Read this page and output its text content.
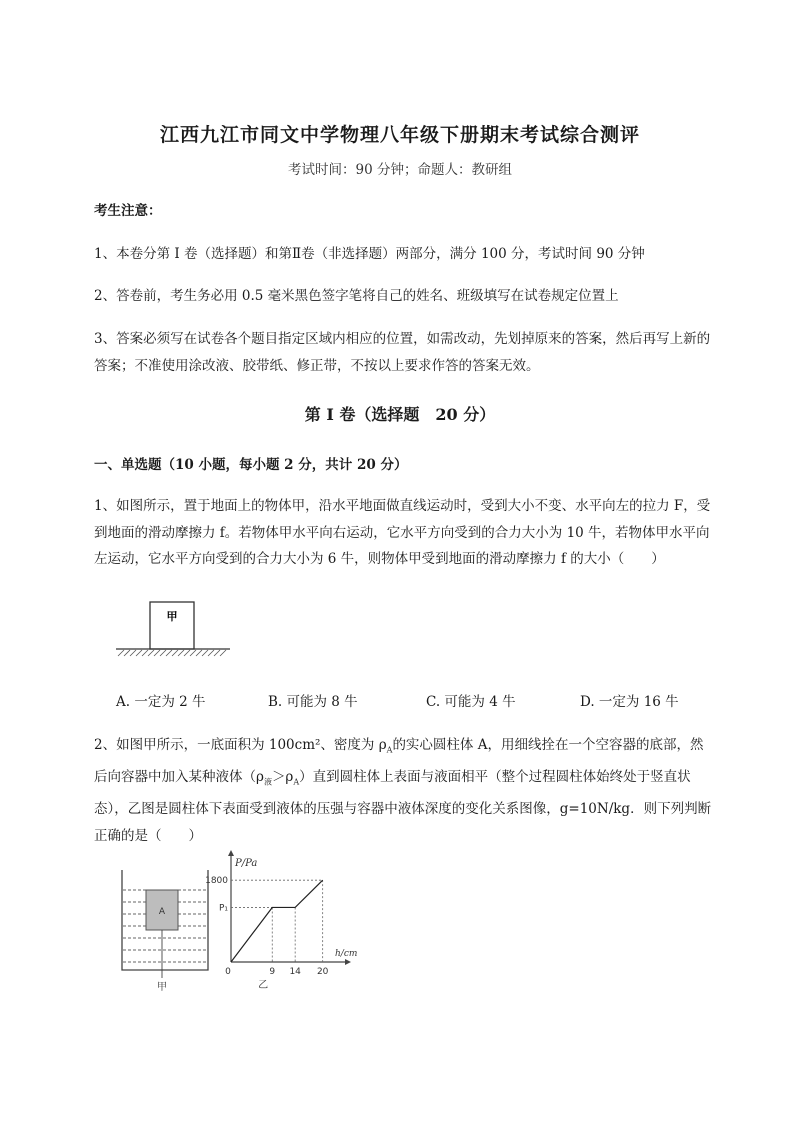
江西九江市同文中学物理八年级下册期末考试综合测评
考试时间：90 分钟；命题人：教研组
考生注意：
1、本卷分第 I 卷（选择题）和第Ⅱ卷（非选择题）两部分，满分 100 分，考试时间 90 分钟
2、答卷前，考生务必用 0.5 毫米黑色签字笔将自己的姓名、班级填写在试卷规定位置上
3、答案必须写在试卷各个题目指定区域内相应的位置，如需改动，先划掉原来的答案，然后再写上新的答案；不准使用涂改液、胶带纸、修正带，不按以上要求作答的答案无效。
第 I 卷（选择题　20 分）
一、单选题（10 小题，每小题 2 分，共计 20 分）
1、如图所示，置于地面上的物体甲，沿水平地面做直线运动时，受到大小不变、水平向左的拉力 F，受到地面的滑动摩擦力 f。若物体甲水平向右运动，它水平方向受到的合力大小为 10 牛，若物体甲水平向左运动，它水平方向受到的合力大小为 6 牛，则物体甲受到地面的滑动摩擦力 f 的大小（　　）
甲
A. 一定为 2 牛	B. 可能为 8 牛	C. 可能为 4 牛	D. 一定为 16 牛
2、如图甲所示，一底面积为 100cm²、密度为 $\rho_A$的实心圆柱体 A，用细线拴在一个空容器的底部，然后向容器中加入某种液体$(\rho_液>\rho_A)$直到圆柱体上表面与液面相平（整个过程圆柱体始终处于竖直状态），乙图是圆柱体下表面受到液体的压强与容器中液体深度的变化关系图像，g=10N/kg．则下列判断正确的是（　　）
A
甲
0	9 14 20
P₁
1800
h/cm
P/Pa
乙
